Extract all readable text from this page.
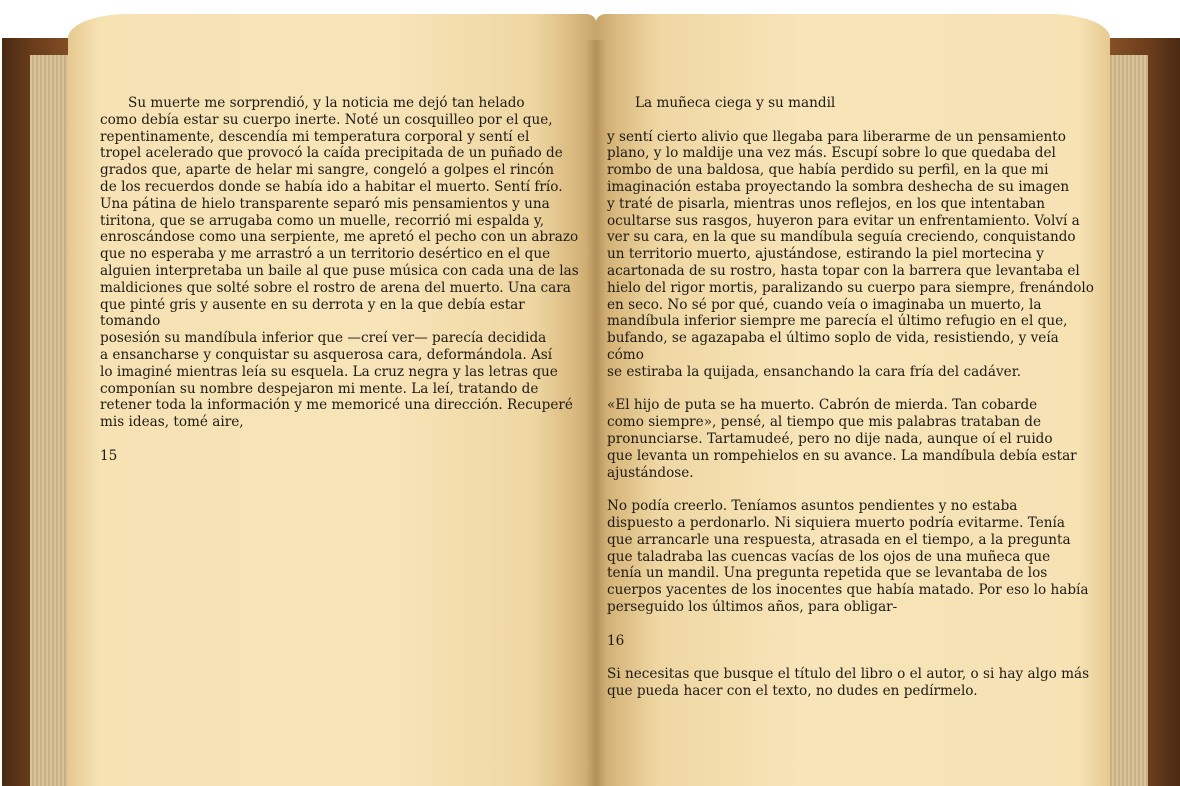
Su muerte me sorprendió, y la noticia me dejó tan helado
como debía estar su cuerpo inerte. Noté un cosquilleo por el que,
repentinamente, descendía mi temperatura corporal y sentí el
tropel acelerado que provocó la caída precipitada de un puñado de
grados que, aparte de helar mi sangre, congeló a golpes el rincón
de los recuerdos donde se había ido a habitar el muerto. Sentí frío.
Una pátina de hielo transparente separó mis pensamientos y una
tiritona, que se arrugaba como un muelle, recorrió mi espalda y,
enroscándose como una serpiente, me apretó el pecho con un abrazo
que no esperaba y me arrastró a un territorio desértico en el que
alguien interpretaba un baile al que puse música con cada una de las
maldiciones que solté sobre el rostro de arena del muerto. Una cara
que pinté gris y ausente en su derrota y en la que debía estar tomando
posesión su mandíbula inferior que —creí ver— parecía decidida
a ensancharse y conquistar su asquerosa cara, deformándola. Así
lo imaginé mientras leía su esquela. La cruz negra y las letras que
componían su nombre despejaron mi mente. La leí, tratando de
retener toda la información y me memoricé una dirección. Recuperé
mis ideas, tomé aire,

15

La muñeca ciega y su mandil

y sentí cierto alivio que llegaba para liberarme de un pensamiento
plano, y lo maldije una vez más. Escupí sobre lo que quedaba del
rombo de una baldosa, que había perdido su perfil, en la que mi
imaginación estaba proyectando la sombra deshecha de su imagen
y traté de pisarla, mientras unos reflejos, en los que intentaban
ocultarse sus rasgos, huyeron para evitar un enfrentamiento. Volví a
ver su cara, en la que su mandíbula seguía creciendo, conquistando
un territorio muerto, ajustándose, estirando la piel mortecina y
acartonada de su rostro, hasta topar con la barrera que levantaba el
hielo del rigor mortis, paralizando su cuerpo para siempre, frenándolo
en seco. No sé por qué, cuando veía o imaginaba un muerto, la
mandíbula inferior siempre me parecía el último refugio en el que,
bufando, se agazapaba el último soplo de vida, resistiendo, y veía cómo
se estiraba la quijada, ensanchando la cara fría del cadáver.

«El hijo de puta se ha muerto. Cabrón de mierda. Tan cobarde
como siempre», pensé, al tiempo que mis palabras trataban de
pronunciarse. Tartamudeé, pero no dije nada, aunque oí el ruido
que levanta un rompehielos en su avance. La mandíbula debía estar
ajustándose.

No podía creerlo. Teníamos asuntos pendientes y no estaba
dispuesto a perdonarlo. Ni siquiera muerto podría evitarme. Tenía
que arrancarle una respuesta, atrasada en el tiempo, a la pregunta
que taladraba las cuencas vacías de los ojos de una muñeca que
tenía un mandil. Una pregunta repetida que se levantaba de los
cuerpos yacentes de los inocentes que había matado. Por eso lo había
perseguido los últimos años, para obligar-

16

Si necesitas que busque el título del libro o el autor, o si hay algo más
que pueda hacer con el texto, no dudes en pedírmelo.
